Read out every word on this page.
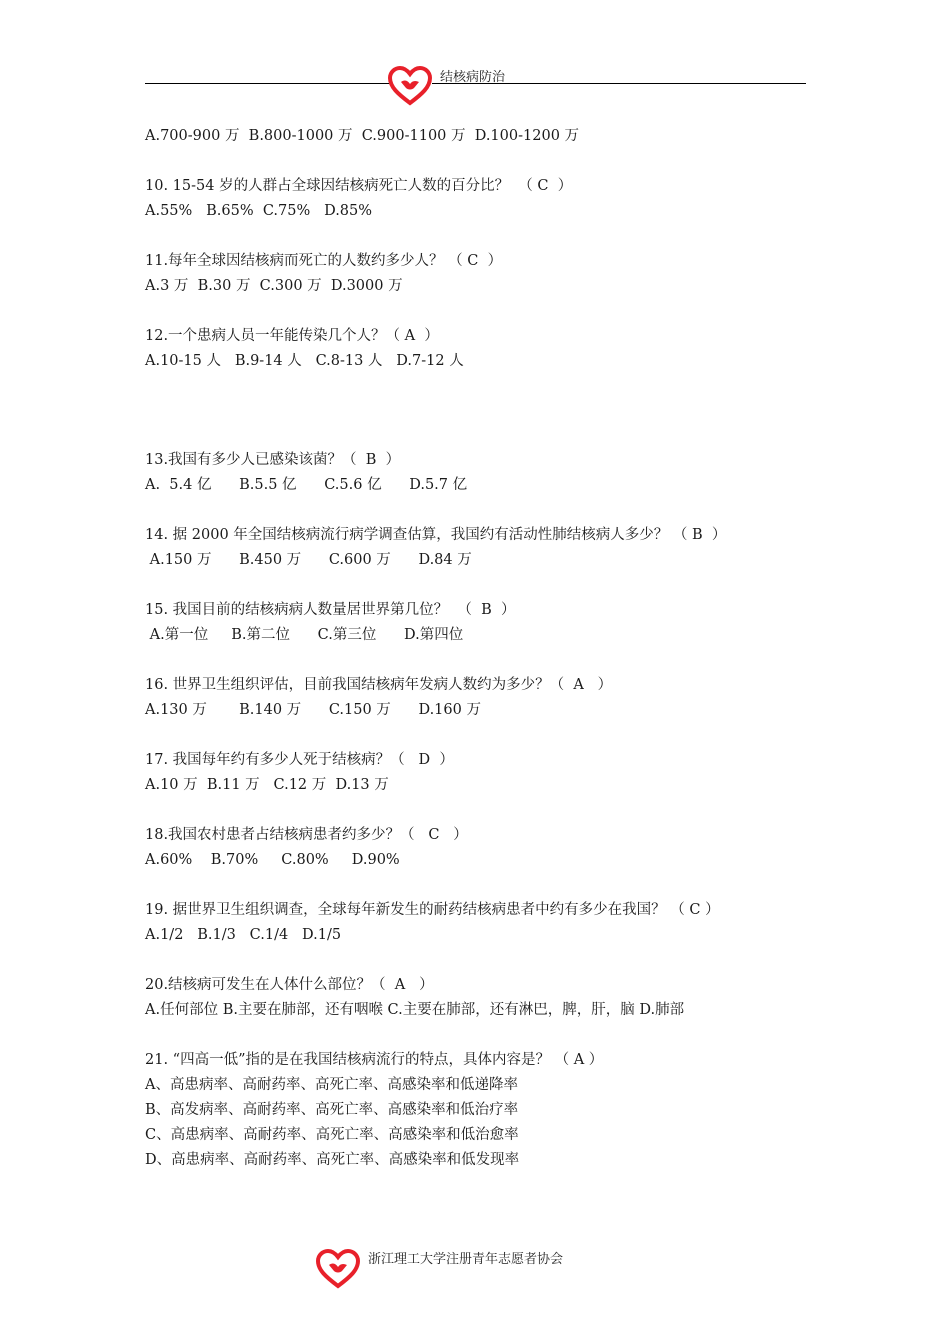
结核病防治
A.700-900 万  B.800-1000 万  C.900-1100 万  D.100-1200 万
10. 15-54 岁的人群占全球因结核病死亡人数的百分比？  （ C  ）
A.55%   B.65%  C.75%   D.85%
11.每年全球因结核病而死亡的人数约多少人？ （ C  ）
A.3 万  B.30 万  C.300 万  D.3000 万
12.一个患病人员一年能传染几个人？（ A  ）
A.10-15 人   B.9-14 人   C.8-13 人   D.7-12 人
13.我国有多少人已感染该菌？（  B  ）
A.  5.4 亿      B.5.5 亿      C.5.6 亿      D.5.7 亿
14. 据 2000 年全国结核病流行病学调查估算，我国约有活动性肺结核病人多少？ （ B  ）
A.150 万      B.450 万      C.600 万      D.84 万
15. 我国目前的结核病病人数量居世界第几位？  （  B  ）
A.第一位     B.第二位      C.第三位      D.第四位
16. 世界卫生组织评估，目前我国结核病年发病人数约为多少？（  A   ）
A.130 万       B.140 万      C.150 万      D.160 万
17. 我国每年约有多少人死于结核病？（   D  ）
A.10 万  B.11 万   C.12 万  D.13 万
18.我国农村患者占结核病患者约多少？（   C   ）
A.60%    B.70%     C.80%     D.90%
19. 据世界卫生组织调查，全球每年新发生的耐药结核病患者中约有多少在我国？ （ C ）
A.1/2   B.1/3   C.1/4   D.1/5
20.结核病可发生在人体什么部位？（  A   ）
A.任何部位 B.主要在肺部，还有咽喉 C.主要在肺部，还有淋巴，脾，肝，脑 D.肺部
21. “四高一低”指的是在我国结核病流行的特点，具体内容是？ （ A ）
A、高患病率、高耐药率、高死亡率、高感染率和低递降率
B、高发病率、高耐药率、高死亡率、高感染率和低治疗率
C、高患病率、高耐药率、高死亡率、高感染率和低治愈率
D、高患病率、高耐药率、高死亡率、高感染率和低发现率
浙江理工大学注册青年志愿者协会
